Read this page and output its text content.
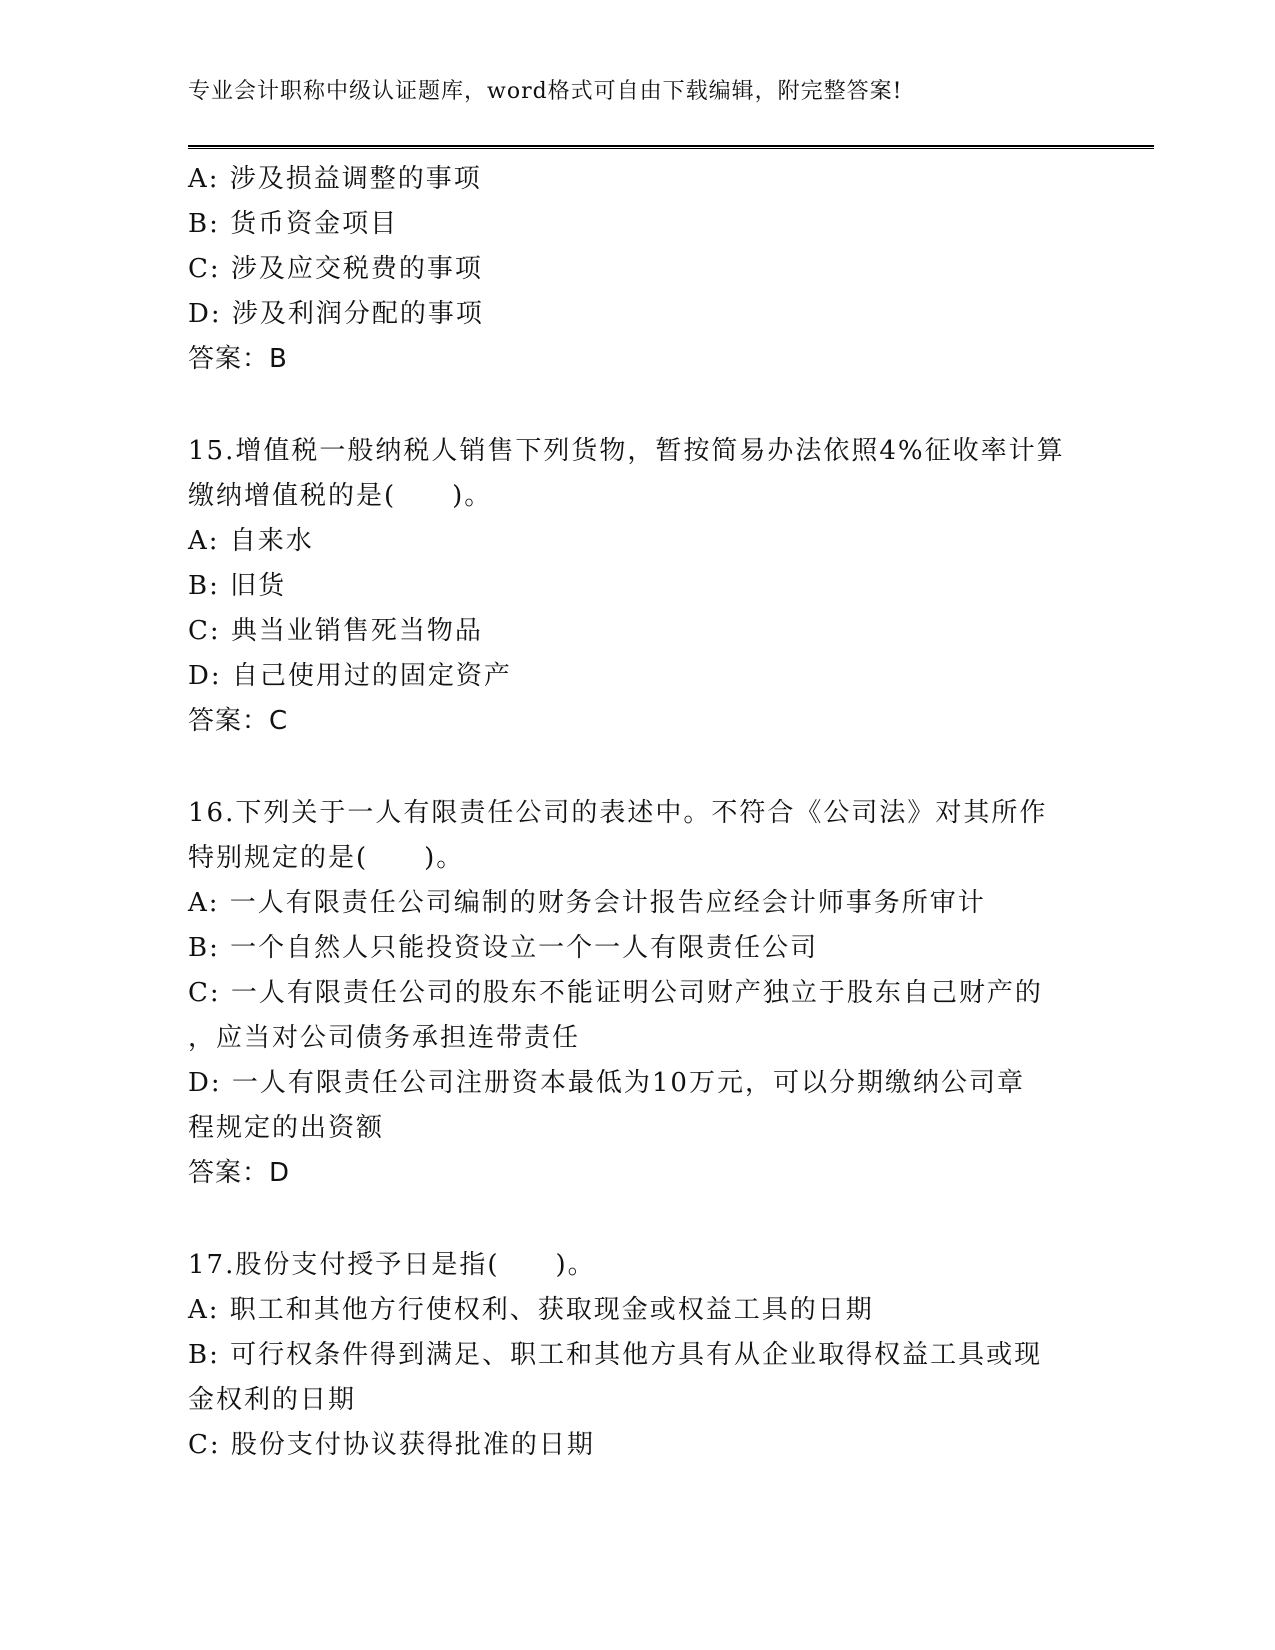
专业会计职称中级认证题库，word格式可自由下载编辑，附完整答案!
A: 涉及损益调整的事项
B: 货币资金项目
C: 涉及应交税费的事项
D: 涉及利润分配的事项
答案：B
15.增值税一般纳税人销售下列货物，暂按简易办法依照4%征收率计算
缴纳增值税的是(　　)。
A: 自来水
B: 旧货
C: 典当业销售死当物品
D: 自己使用过的固定资产
答案：C
16.下列关于一人有限责任公司的表述中。不符合《公司法》对其所作
特别规定的是(　　)。
A: 一人有限责任公司编制的财务会计报告应经会计师事务所审计
B: 一个自然人只能投资设立一个一人有限责任公司
C: 一人有限责任公司的股东不能证明公司财产独立于股东自己财产的
，应当对公司债务承担连带责任
D: 一人有限责任公司注册资本最低为10万元，可以分期缴纳公司章
程规定的出资额
答案：D
17.股份支付授予日是指(　　)。
A: 职工和其他方行使权利、获取现金或权益工具的日期
B: 可行权条件得到满足、职工和其他方具有从企业取得权益工具或现
金权利的日期
C: 股份支付协议获得批准的日期
